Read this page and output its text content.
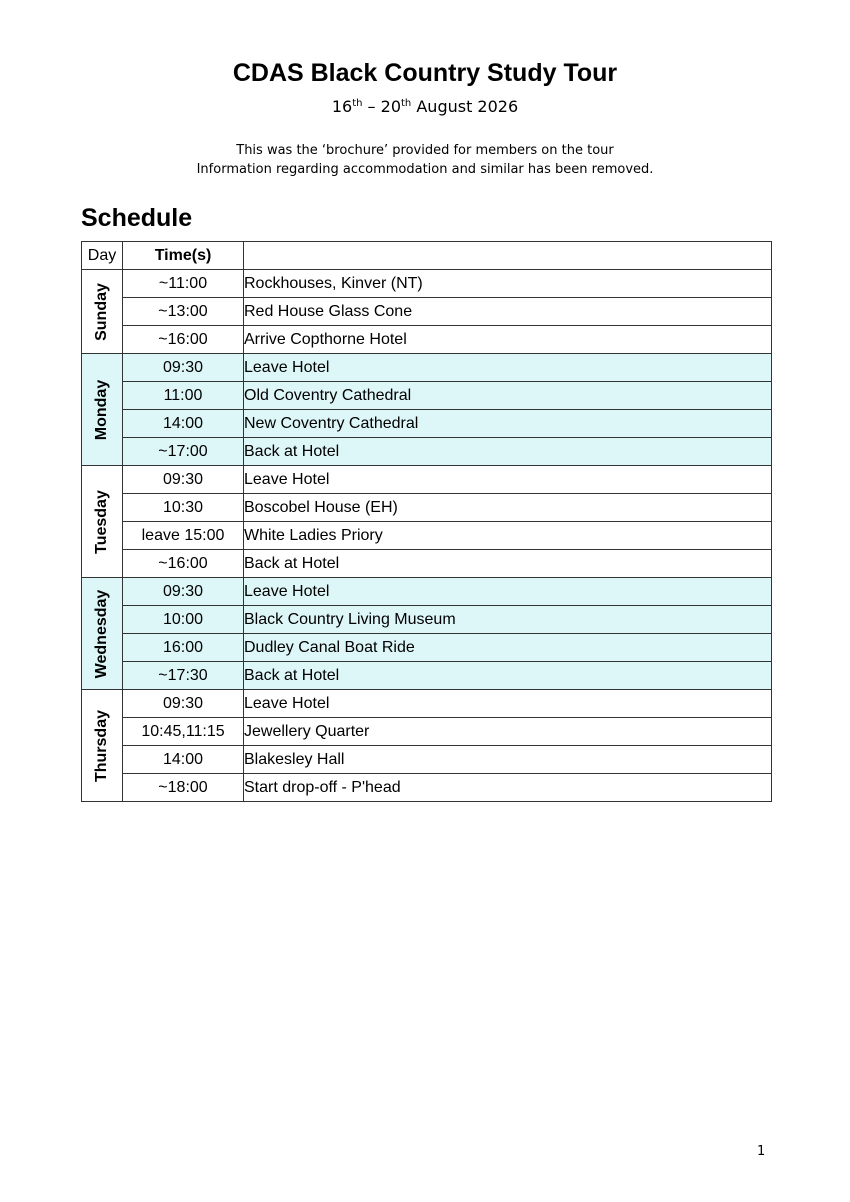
CDAS Black Country Study Tour
16th – 20th August 2026
This was the ‘brochure’ provided for members on the tour
Information regarding accommodation and similar has been removed.
Schedule
Day	Time(s)	

Sunday	~11:00	Rockhouses, Kinver (NT)
	~13:00	Red House Glass Cone
	~16:00	Arrive Copthorne Hotel

Monday	09:30	Leave Hotel
	11:00	Old Coventry Cathedral
	14:00	New Coventry Cathedral
	~17:00	Back at Hotel

Tuesday	09:30	Leave Hotel
	10:30	Boscobel House (EH)
	leave 15:00	White Ladies Priory
	~16:00	Back at Hotel

Wednesday	09:30	Leave Hotel
	10:00	Black Country Living Museum
	16:00	Dudley Canal Boat Ride
	~17:30	Back at Hotel

Thursday	09:30	Leave Hotel
	10:45,11:15	Jewellery Quarter
	14:00	Blakesley Hall
	~18:00	Start drop-off - P'head
1
